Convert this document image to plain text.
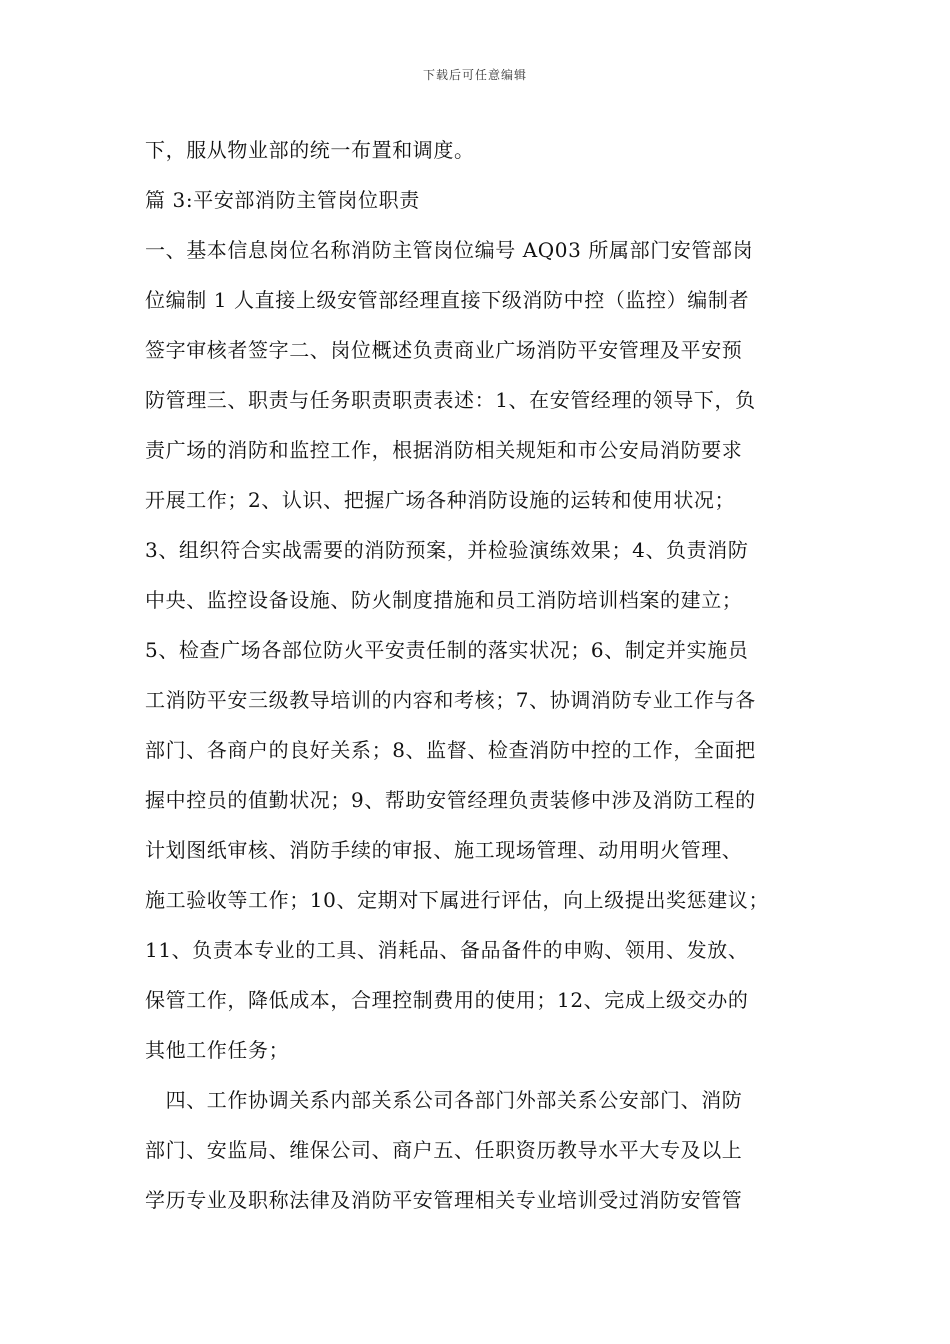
下载后可任意编辑
下，服从物业部的统一布置和调度。
篇 3:平安部消防主管岗位职责
一、基本信息岗位名称消防主管岗位编号 AQ03 所属部门安管部岗
位编制 1 人直接上级安管部经理直接下级消防中控（监控）编制者
签字审核者签字二、岗位概述负责商业广场消防平安管理及平安预
防管理三、职责与任务职责职责表述：1、在安管经理的领导下，负
责广场的消防和监控工作，根据消防相关规矩和市公安局消防要求
开展工作；2、认识、把握广场各种消防设施的运转和使用状况；
3、组织符合实战需要的消防预案，并检验演练效果；4、负责消防
中央、监控设备设施、防火制度措施和员工消防培训档案的建立；
5、检查广场各部位防火平安责任制的落实状况；6、制定并实施员
工消防平安三级教导培训的内容和考核；7、协调消防专业工作与各
部门、各商户的良好关系；8、监督、检查消防中控的工作，全面把
握中控员的值勤状况；9、帮助安管经理负责装修中涉及消防工程的
计划图纸审核、消防手续的审报、施工现场管理、动用明火管理、
施工验收等工作；10、定期对下属进行评估，向上级提出奖惩建议；
11、负责本专业的工具、消耗品、备品备件的申购、领用、发放、
保管工作，降低成本，合理控制费用的使用；12、完成上级交办的
其他工作任务；
　四、工作协调关系内部关系公司各部门外部关系公安部门、消防
部门、安监局、维保公司、商户五、任职资历教导水平大专及以上
学历专业及职称法律及消防平安管理相关专业培训受过消防安管管
